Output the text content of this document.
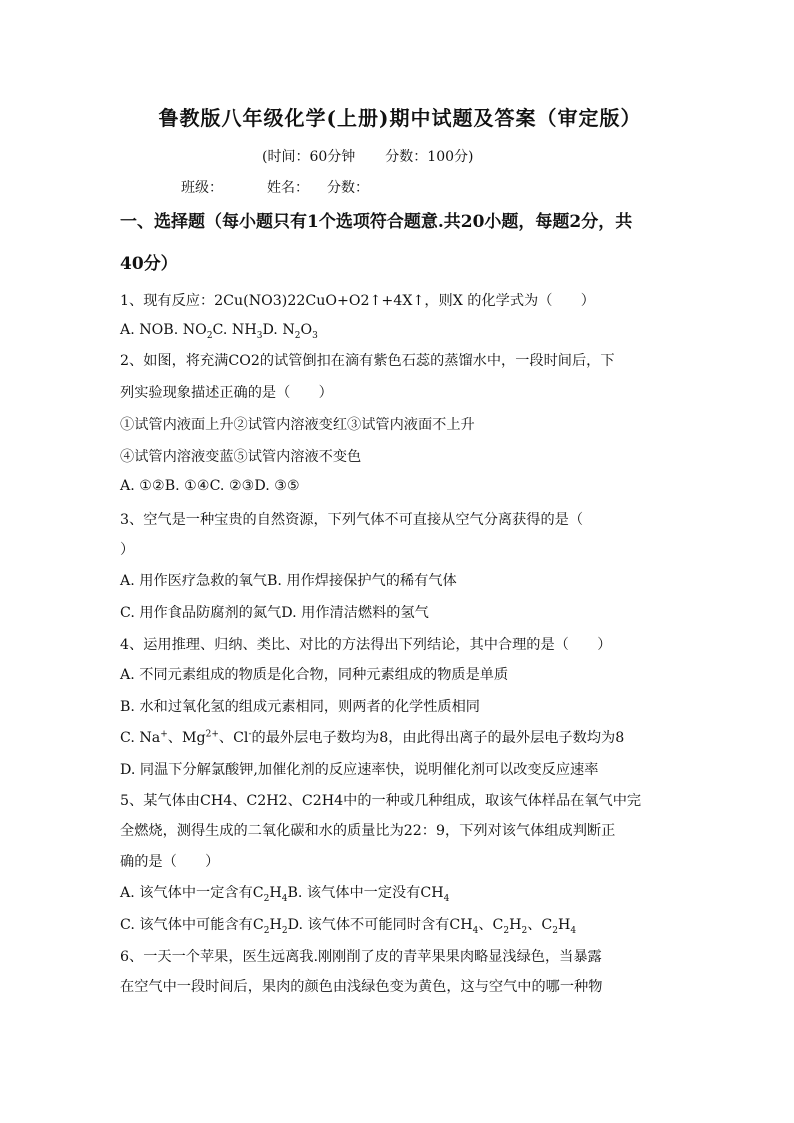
鲁教版八年级化学(上册)期中试题及答案（审定版）
(时间：60分钟 分数：100分)
班级：	姓名： 分数：
一、选择题（每小题只有1个选项符合题意.共20小题，每题2分，共
40分）
1、现有反应：2Cu(NO3)22CuO+O2↑+4X↑，则X 的化学式为（　　）
A. NOB. $NO_2C$. $NH_3D$. $N_2O_3$
2、如图，将充满CO2的试管倒扣在滴有紫色石蕊的蒸馏水中，一段时间后，下
列实验现象描述正确的是（　　）
①试管内液面上升②试管内溶液变红③试管内液面不上升
④试管内溶液变蓝⑤试管内溶液不变色
A. ①②B. ①④C. ②③D. ③⑤
3、空气是一种宝贵的自然资源，下列气体不可直接从空气分离获得的是（
）
A. 用作医疗急救的氧气B. 用作焊接保护气的稀有气体
C. 用作食品防腐剂的氮气D. 用作清洁燃料的氢气
4、运用推理、归纳、类比、对比的方法得出下列结论，其中合理的是（　　）
A. 不同元素组成的物质是化合物，同种元素组成的物质是单质
B. 水和过氧化氢的组成元素相同，则两者的化学性质相同
C. Na+、$Mg^{2+}$、Cl-的最外层电子数均为8，由此得出离子的最外层电子数均为8
D. 同温下分解氯酸钾,加催化剂的反应速率快，说明催化剂可以改变反应速率
5、某气体由CH4、C2H2、C2H4中的一种或几种组成，取该气体样品在氧气中完
全燃烧，测得生成的二氧化碳和水的质量比为22：9，下列对该气体组成判断正
确的是（　　）
A. 该气体中一定含有$C_2H_4B$. 该气体中一定没有$CH_4$
C. 该气体中可能含有$C_2H_2D$. 该气体不可能同时含有$CH_4$、$C_2H_2$、$C_2H_4$
6、一天一个苹果，医生远离我.刚刚削了皮的青苹果果肉略显浅绿色，当暴露
在空气中一段时间后，果肉的颜色由浅绿色变为黄色，这与空气中的哪一种物
